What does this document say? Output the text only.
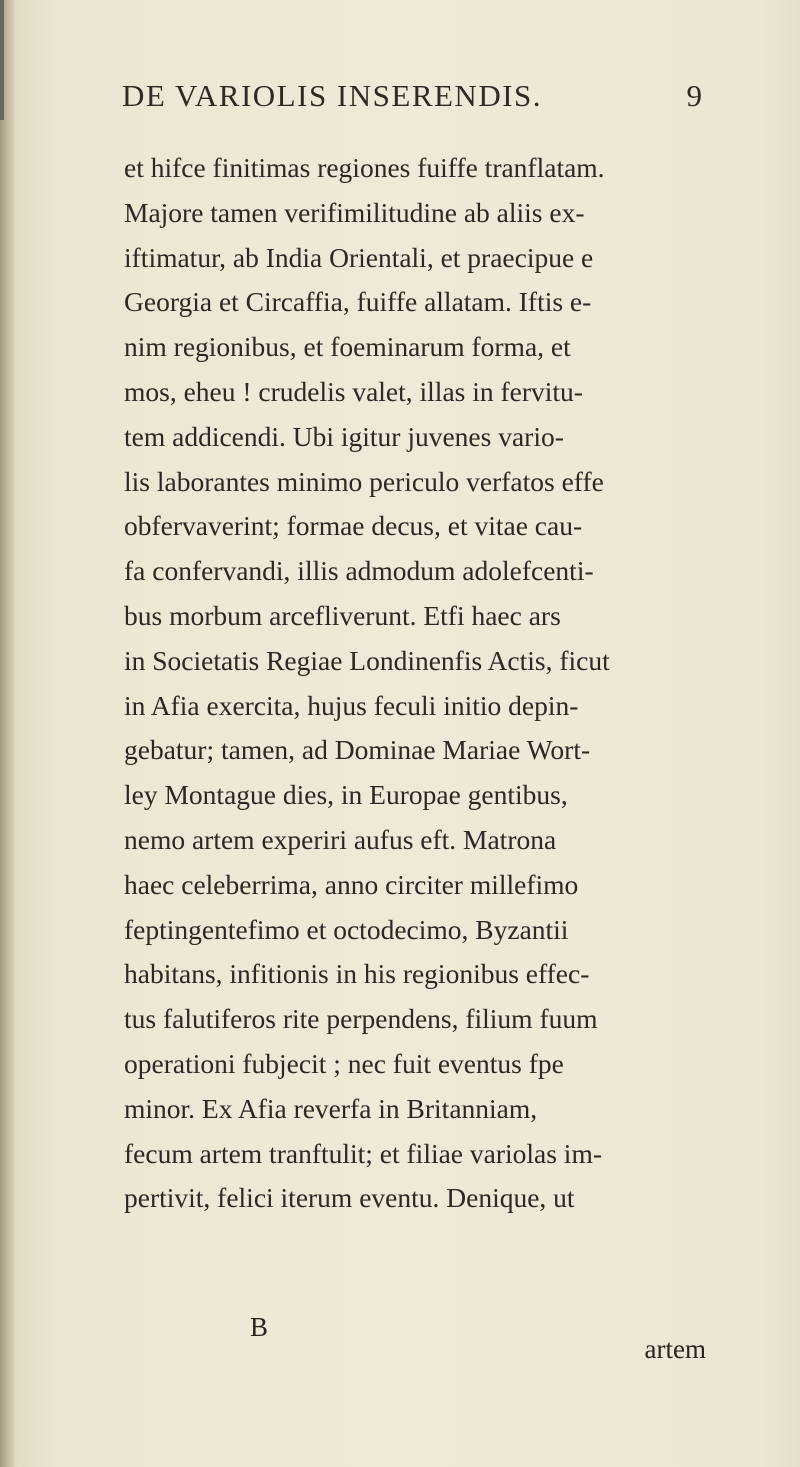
DE VARIOLIS INSERENDIS.	9
et hifce finitimas regiones fuiffe tranflatam.
Majore tamen verifimilitudine ab aliis ex-
iftimatur, ab India Orientali, et praecipue e
Georgia et Circaffia, fuiffe allatam. Iftis e-
nim regionibus, et foeminarum forma, et
mos, eheu ! crudelis valet, illas in fervitu-
tem addicendi. Ubi igitur juvenes vario-
lis laborantes minimo periculo verfatos effe
obfervaverint; formae decus, et vitae cau-
fa confervandi, illis admodum adolefcenti-
bus morbum arcefliverunt. Etfi haec ars
in Societatis Regiae Londinenfis Actis, ficut
in Afia exercita, hujus feculi initio depin-
gebatur; tamen, ad Dominae Mariae Wort-
ley Montague dies, in Europae gentibus,
nemo artem experiri aufus eft. Matrona
haec celeberrima, anno circiter millefimo
feptingentefimo et octodecimo, Byzantii
habitans, infitionis in his regionibus effec-
tus falutiferos rite perpendens, filium fuum
operationi fubjecit ; nec fuit eventus fpe
minor. Ex Afia reverfa in Britanniam,
fecum artem tranftulit; et filiae variolas im-
pertivit, felici iterum eventu. Denique, ut
B
artem
